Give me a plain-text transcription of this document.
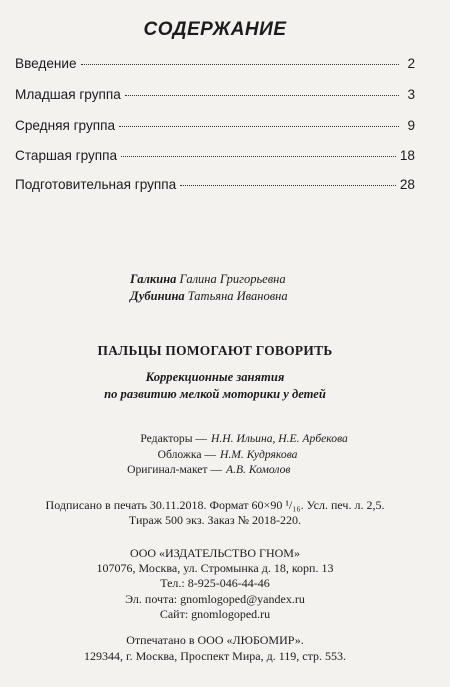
СОДЕРЖАНИЕ
Введение	2
Младшая группа	3
Средняя группа	9
Старшая группа	18
Подготовительная группа	28
Галкина Галина Григорьевна
Дубинина Татьяна Ивановна
ПАЛЬЦЫ ПОМОГАЮТ ГОВОРИТЬ
Коррекционные занятия
по развитию мелкой моторики у детей
Редакторы — Н.Н. Ильина, Н.Е. Арбекова
Обложка — Н.М. Кудрякова
Оригинал-макет — А.В. Комолов
Подписано в печать 30.11.2018. Формат 60×90 ¹/₁₆. Усл. печ. л. 2,5.
Тираж 500 экз. Заказ № 2018-220.
ООО «ИЗДАТЕЛЬСТВО ГНОМ»
107076, Москва, ул. Стромынка д. 18, корп. 13
Тел.: 8-925-046-44-46
Эл. почта: gnomlogoped@yandex.ru
Сайт: gnomlogoped.ru
Отпечатано в ООО «ЛЮБОМИР».
129344, г. Москва, Проспект Мира, д. 119, стр. 553.
